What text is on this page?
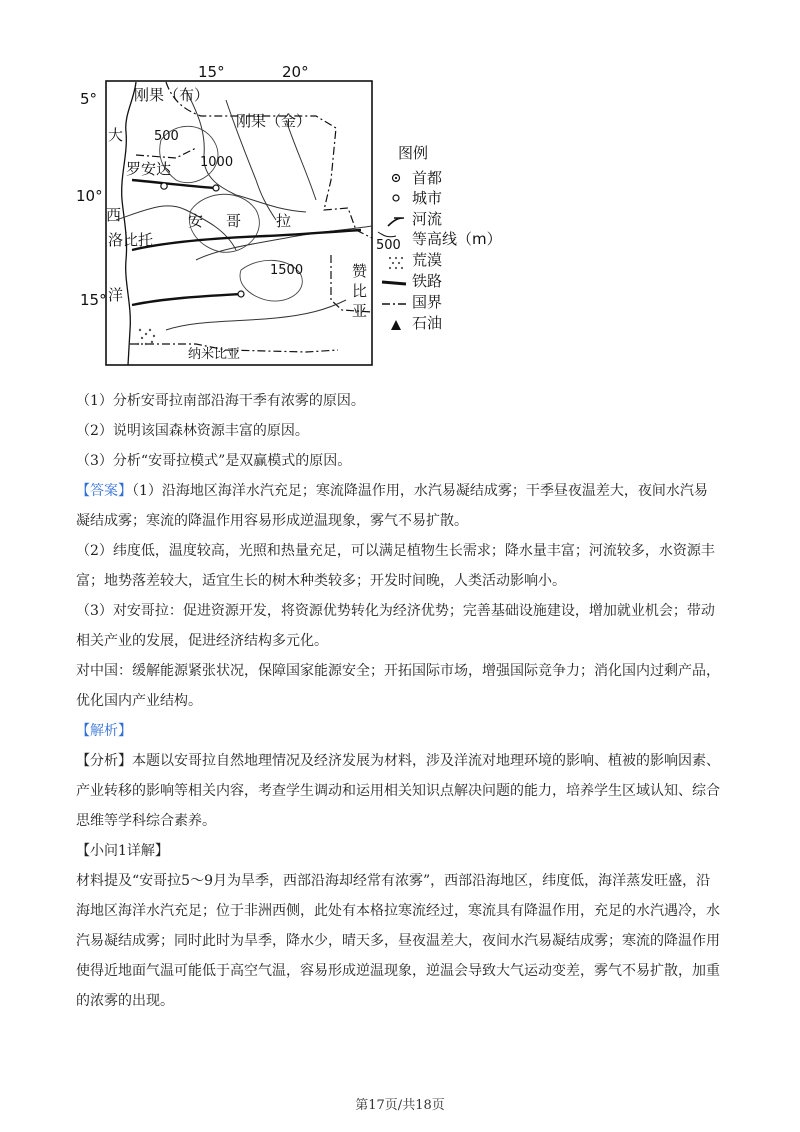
15°	20°
5°
10°
15°
刚果（布）
刚果（金）
大
西
洋
罗安达
洛比托
安 哥 拉
赞
比
亚
纳米比亚
500
1000
1500
图例
首都
城市
河流
500 等高线（m）
荒漠
铁路
国界
石油
（1）分析安哥拉南部沿海干季有浓雾的原因。
（2）说明该国森林资源丰富的原因。
（3）分析“安哥拉模式”是双赢模式的原因。
【答案】（1）沿海地区海洋水汽充足；寒流降温作用，水汽易凝结成雾；干季昼夜温差大，夜间水汽易
凝结成雾；寒流的降温作用容易形成逆温现象，雾气不易扩散。
（2）纬度低，温度较高，光照和热量充足，可以满足植物生长需求；降水量丰富；河流较多，水资源丰
富；地势落差较大，适宜生长的树木种类较多；开发时间晚，人类活动影响小。
（3）对安哥拉：促进资源开发，将资源优势转化为经济优势；完善基础设施建设，增加就业机会；带动
相关产业的发展，促进经济结构多元化。
对中国：缓解能源紧张状况，保障国家能源安全；开拓国际市场，增强国际竞争力；消化国内过剩产品，
优化国内产业结构。
【解析】
【分析】本题以安哥拉自然地理情况及经济发展为材料，涉及洋流对地理环境的影响、植被的影响因素、
产业转移的影响等相关内容，考查学生调动和运用相关知识点解决问题的能力，培养学生区域认知、综合
思维等学科综合素养。
【小问1详解】
材料提及“安哥拉5～9月为旱季，西部沿海却经常有浓雾”，西部沿海地区，纬度低，海洋蒸发旺盛，沿
海地区海洋水汽充足；位于非洲西侧，此处有本格拉寒流经过，寒流具有降温作用，充足的水汽遇冷，水
汽易凝结成雾；同时此时为旱季，降水少，晴天多，昼夜温差大，夜间水汽易凝结成雾；寒流的降温作用
使得近地面气温可能低于高空气温，容易形成逆温现象，逆温会导致大气运动变差，雾气不易扩散，加重
的浓雾的出现。
第17页/共18页
